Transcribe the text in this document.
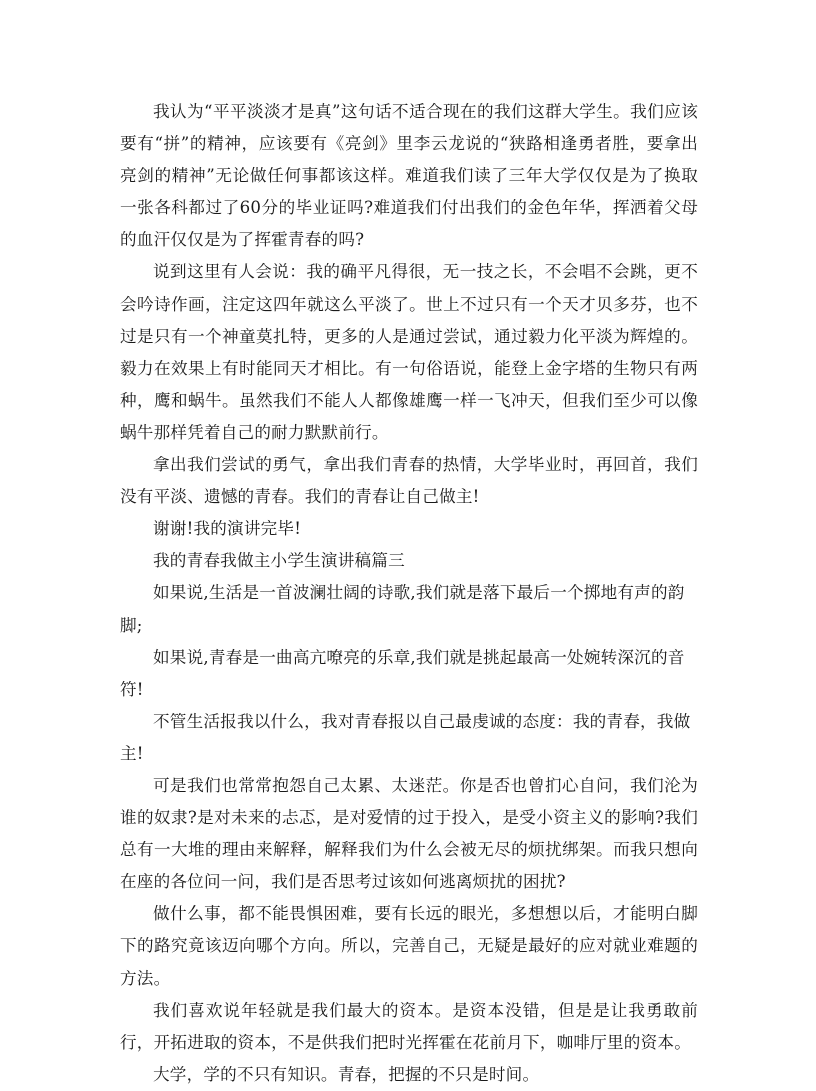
我认为“平平淡淡才是真”这句话不适合现在的我们这群大学生。我们应该要有“拼”的精神，应该要有《亮剑》里李云龙说的“狭路相逢勇者胜，要拿出亮剑的精神”无论做任何事都该这样。难道我们读了三年大学仅仅是为了换取一张各科都过了60分的毕业证吗?难道我们付出我们的金色年华，挥洒着父母的血汗仅仅是为了挥霍青春的吗?

说到这里有人会说：我的确平凡得很，无一技之长，不会唱不会跳，更不会吟诗作画，注定这四年就这么平淡了。世上不过只有一个天才贝多芬，也不过是只有一个神童莫扎特，更多的人是通过尝试，通过毅力化平淡为辉煌的。毅力在效果上有时能同天才相比。有一句俗语说，能登上金字塔的生物只有两种，鹰和蜗牛。虽然我们不能人人都像雄鹰一样一飞冲天，但我们至少可以像蜗牛那样凭着自己的耐力默默前行。

拿出我们尝试的勇气，拿出我们青春的热情，大学毕业时，再回首，我们没有平淡、遗憾的青春。我们的青春让自己做主!

谢谢!我的演讲完毕!

我的青春我做主小学生演讲稿篇三

如果说,生活是一首波澜壮阔的诗歌,我们就是落下最后一个掷地有声的韵脚;

如果说,青春是一曲高亢嘹亮的乐章,我们就是挑起最高一处婉转深沉的音符!

不管生活报我以什么，我对青春报以自己最虔诚的态度：我的青春，我做主!

可是我们也常常抱怨自己太累、太迷茫。你是否也曾扪心自问，我们沦为谁的奴隶?是对未来的忐忑，是对爱情的过于投入，是受小资主义的影响?我们总有一大堆的理由来解释，解释我们为什么会被无尽的烦扰绑架。而我只想向在座的各位问一问，我们是否思考过该如何逃离烦扰的困扰?

做什么事，都不能畏惧困难，要有长远的眼光，多想想以后，才能明白脚下的路究竟该迈向哪个方向。所以，完善自己，无疑是最好的应对就业难题的方法。

我们喜欢说年轻就是我们最大的资本。是资本没错，但是是让我勇敢前行，开拓进取的资本，不是供我们把时光挥霍在花前月下，咖啡厅里的资本。

大学，学的不只有知识。青春，把握的不只是时间。
